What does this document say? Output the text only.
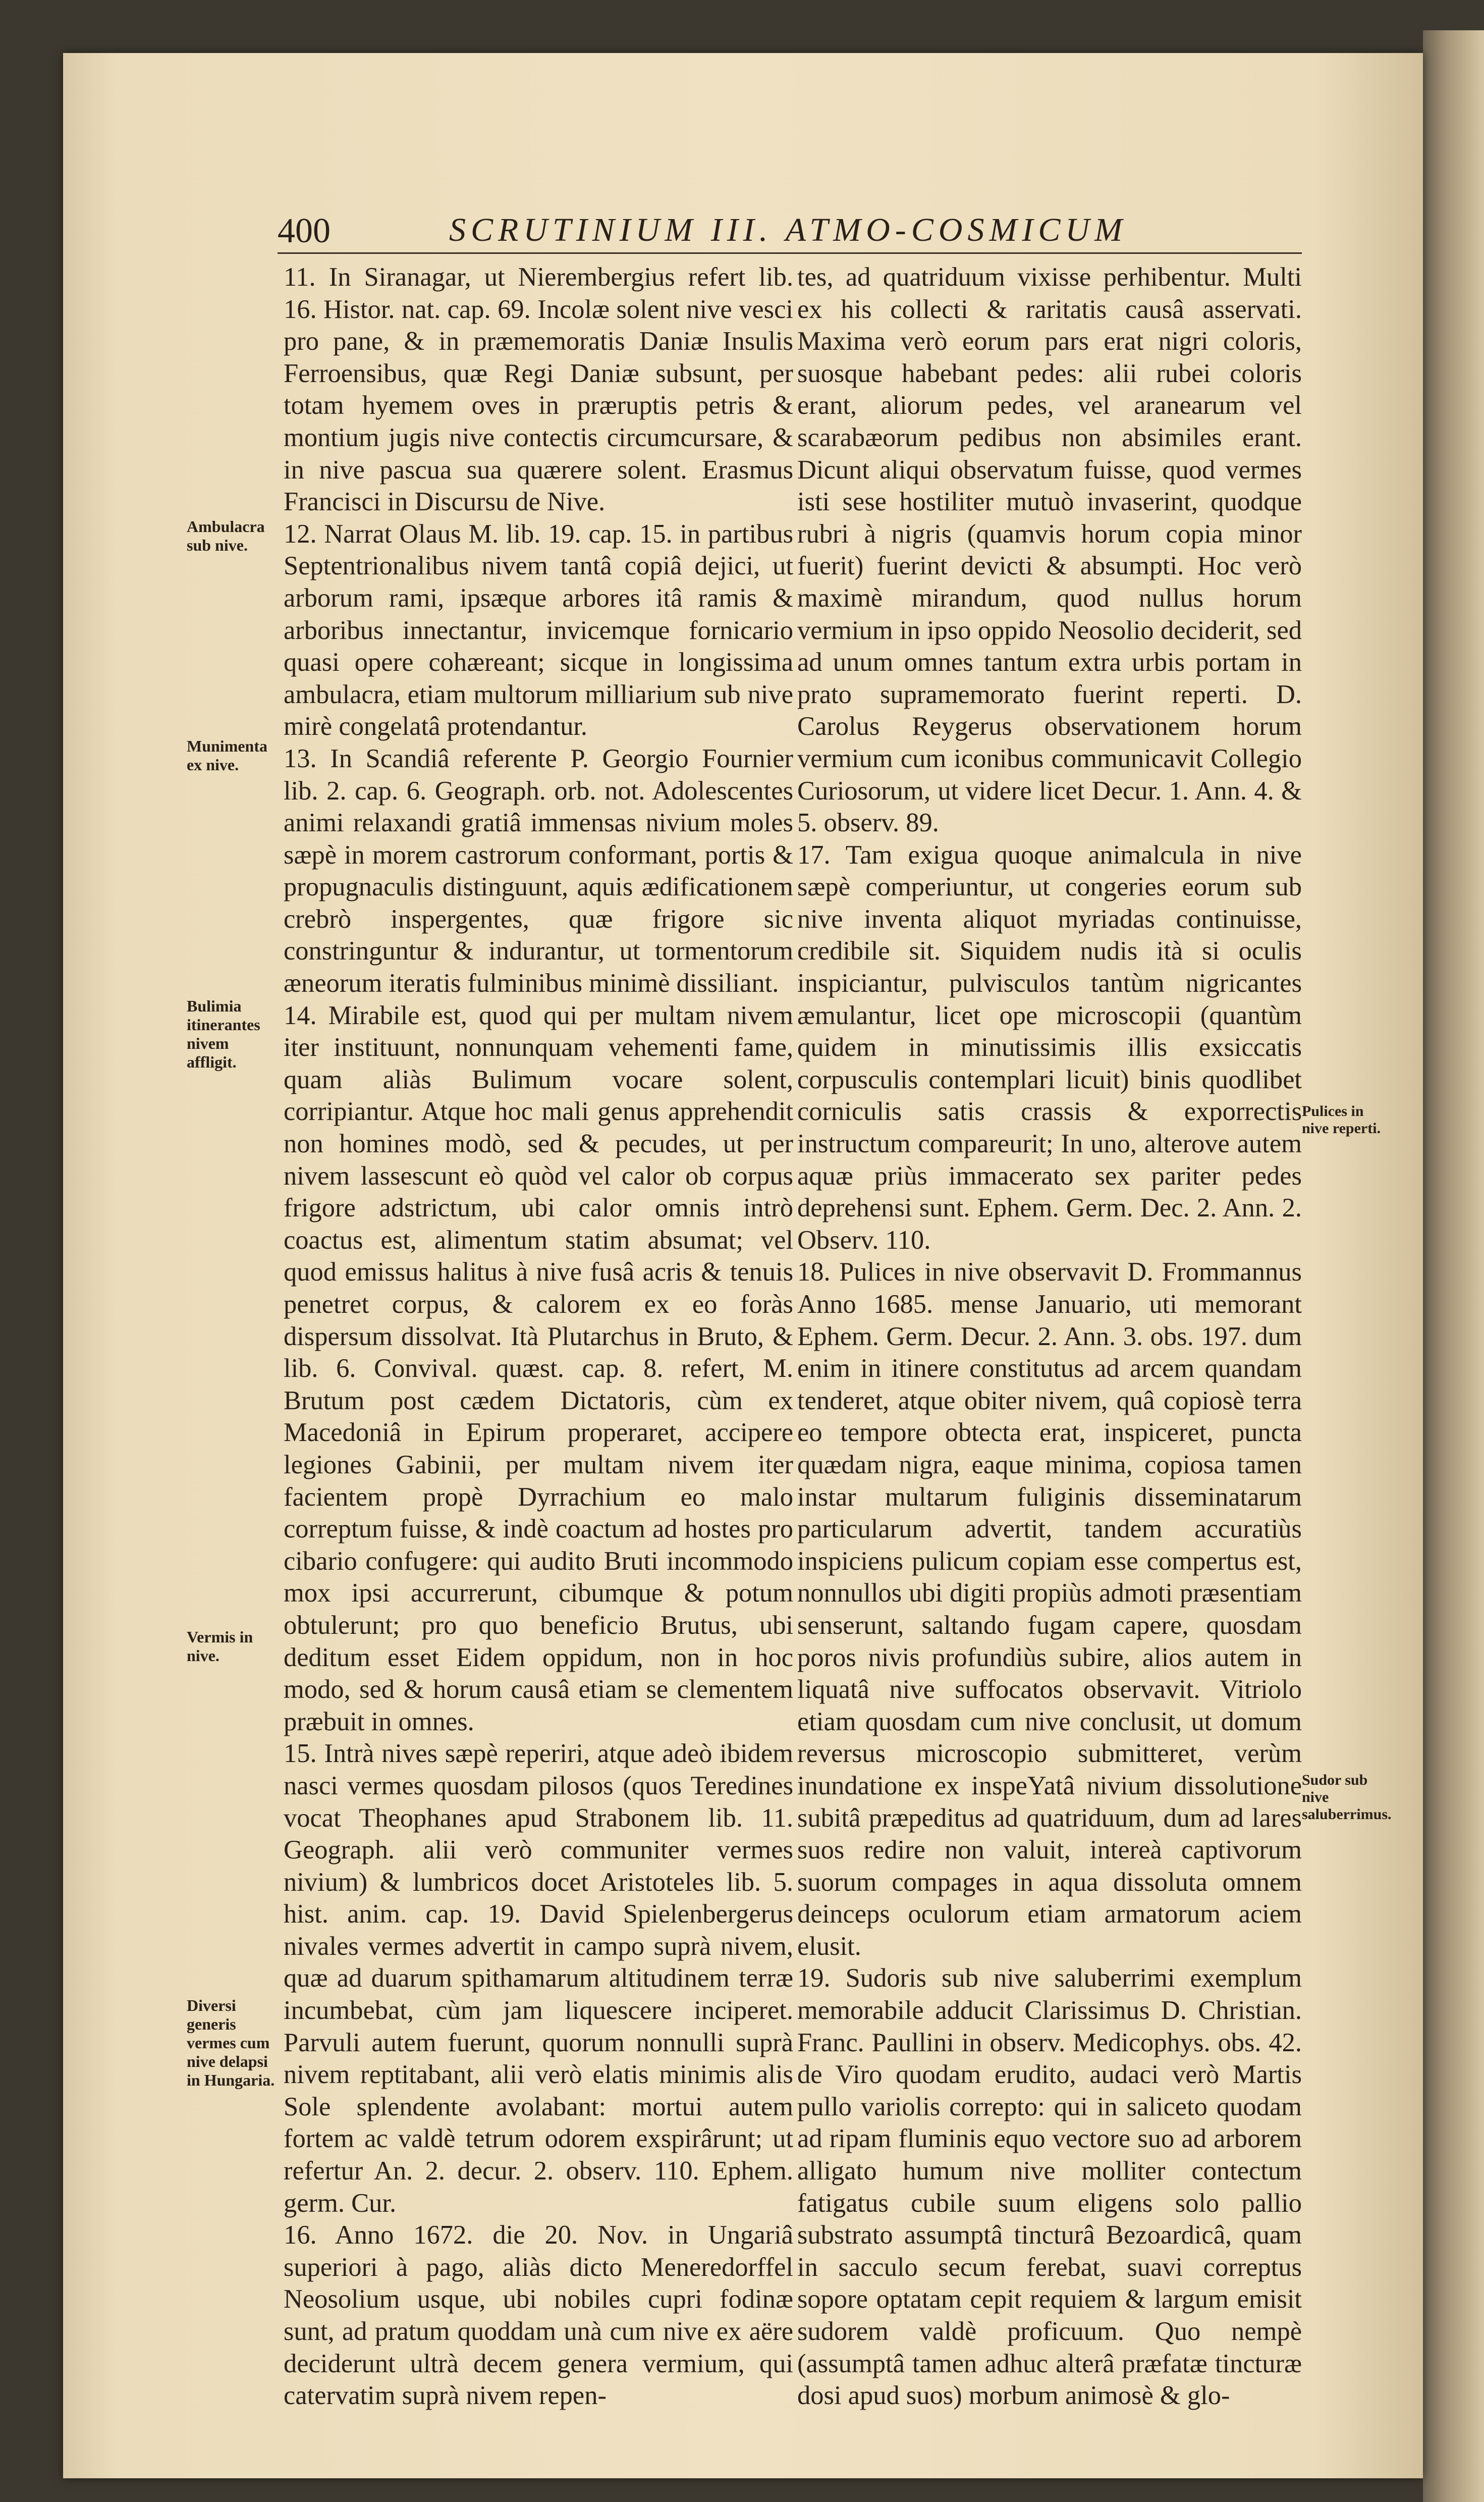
400	SCRUTINIUM III. ATMO-COSMICUM

11. In Siranagar, ut Nierembergius refert lib. 16. Histor. nat. cap. 69. Incolæ solent nive vesci pro pane, & in præmemoratis Daniæ Insulis Ferroensibus, quæ Regi Daniæ subsunt, per totam hyemem oves in præruptis petris & montium jugis nive contectis circumcursare, & in nive pascua sua quærere solent. Erasmus Francisci in Discursu de Nive.

12. Narrat Olaus M. lib. 19. cap. 15. in partibus Septentrionalibus nivem tantâ copiâ dejici, ut arborum rami, ipsæque arbores itâ ramis & arboribus innectantur, invicemque fornicario quasi opere cohæreant; sicque in longissima ambulacra, etiam multorum milliarium sub nive mirè congelatâ protendantur.

13. In Scandiâ referente P. Georgio Fournier lib. 2. cap. 6. Geograph. orb. not. Adolescentes animi relaxandi gratiâ immensas nivium moles sæpè in morem castrorum conformant, portis & propugnaculis distinguunt, aquis ædificationem crebrò inspergentes, quæ frigore sic constringuntur & indurantur, ut tormentorum æneorum iteratis fulminibus minimè dissiliant.

14. Mirabile est, quod qui per multam nivem iter instituunt, nonnunquam vehementi fame, quam aliàs Bulimum vocare solent, corripiantur. Atque hoc mali genus apprehendit non homines modò, sed & pecudes, ut per nivem lassescunt eò quòd vel calor ob corpus frigore adstrictum, ubi calor omnis intrò coactus est, alimentum statim absumat; vel quod emissus halitus à nive fusâ acris & tenuis penetret corpus, & calorem ex eo foràs dispersum dissolvat. Ità Plutarchus in Bruto, & lib. 6. Convival. quæst. cap. 8. refert, M. Brutum post cædem Dictatoris, cùm ex Macedoniâ in Epirum properaret, accipere legiones Gabinii, per multam nivem iter facientem propè Dyrrachium eo malo correptum fuisse, & indè coactum ad hostes pro cibario confugere: qui audito Bruti incommodo mox ipsi accurrerunt, cibumque & potum obtulerunt; pro quo beneficio Brutus, ubi deditum esset Eidem oppidum, non in hoc modo, sed & horum causâ etiam se clementem præbuit in omnes.

15. Intrà nives sæpè reperiri, atque adeò ibidem nasci vermes quosdam pilosos (quos Teredines vocat Theophanes apud Strabonem lib. 11. Geograph. alii verò communiter vermes nivium) & lumbricos docet Aristoteles lib. 5. hist. anim. cap. 19. David Spielenbergerus nivales vermes advertit in campo suprà nivem, quæ ad duarum spithamarum altitudinem terræ incumbebat, cùm jam liquescere inciperet. Parvuli autem fuerunt, quorum nonnulli suprà nivem reptitabant, alii verò elatis minimis alis Sole splendente avolabant: mortui autem fortem ac valdè tetrum odorem exspirârunt; ut refertur An. 2. decur. 2. observ. 110. Ephem. germ. Cur.

16. Anno 1672. die 20. Nov. in Ungariâ superiori à pago, aliàs dicto Meneredorffel Neosolium usque, ubi nobiles cupri fodinæ sunt, ad pratum quoddam unà cum nive ex aëre deciderunt ultrà decem genera vermium, qui catervatim suprà nivem repen-

tes, ad quatriduum vixisse perhibentur. Multi ex his collecti & raritatis causâ asservati. Maxima verò eorum pars erat nigri coloris, suosque habebant pedes: alii rubei coloris erant, aliorum pedes, vel aranearum vel scarabæorum pedibus non absimiles erant. Dicunt aliqui observatum fuisse, quod vermes isti sese hostiliter mutuò invaserint, quodque rubri à nigris (quamvis horum copia minor fuerit) fuerint devicti & absumpti. Hoc verò maximè mirandum, quod nullus horum vermium in ipso oppido Neosolio deciderit, sed ad unum omnes tantum extra urbis portam in prato supramemorato fuerint reperti. D. Carolus Reygerus observationem horum vermium cum iconibus communicavit Collegio Curiosorum, ut videre licet Decur. 1. Ann. 4. & 5. observ. 89.

17. Tam exigua quoque animalcula in nive sæpè comperiuntur, ut congeries eorum sub nive inventa aliquot myriadas continuisse, credibile sit. Siquidem nudis ità si oculis inspiciantur, pulvisculos tantùm nigricantes æmulantur, licet ope microscopii (quantùm quidem in minutissimis illis exsiccatis corpusculis contemplari licuit) binis quodlibet corniculis satis crassis & exporrectis instructum compareurit; In uno, alterove autem aquæ priùs immacerato sex pariter pedes deprehensi sunt. Ephem. Germ. Dec. 2. Ann. 2. Observ. 110.

18. Pulices in nive observavit D. Frommannus Anno 1685. mense Januario, uti memorant Ephem. Germ. Decur. 2. Ann. 3. obs. 197. dum enim in itinere constitutus ad arcem quandam tenderet, atque obiter nivem, quâ copiosè terra eo tempore obtecta erat, inspiceret, puncta quædam nigra, eaque minima, copiosa tamen instar multarum fuliginis disseminatarum particularum advertit, tandem accuratiùs inspiciens pulicum copiam esse compertus est, nonnullos ubi digiti propiùs admoti præsentiam senserunt, saltando fugam capere, quosdam poros nivis profundiùs subire, alios autem in liquatâ nive suffocatos observavit. Vitriolo etiam quosdam cum nive conclusit, ut domum reversus microscopio submitteret, verùm inundatione ex inspeYatâ nivium dissolutione subitâ præpeditus ad quatriduum, dum ad lares suos redire non valuit, intereà captivorum suorum compages in aqua dissoluta omnem deinceps oculorum etiam armatorum aciem elusit.

19. Sudoris sub nive saluberrimi exemplum memorabile adducit Clarissimus D. Christian. Franc. Paullini in observ. Medicophys. obs. 42. de Viro quodam erudito, audaci verò Martis pullo variolis correpto: qui in saliceto quodam ad ripam fluminis equo vectore suo ad arborem alligato humum nive molliter contectum fatigatus cubile suum eligens solo pallio substrato assumptâ tincturâ Bezoardicâ, quam in sacculo secum ferebat, suavi correptus sopore optatam cepit requiem & largum emisit sudorem valdè proficuum. Quo nempè (assumptâ tamen adhuc alterâ præfatæ tincturæ dosi apud suos) morbum animosè & glo-

Ambulacra sub nive.
Munimenta ex nive.
Bulimia itinerantes nivem affligit.
Vermis in nive.
Diversi generis vermes cum nive delapsi in Hungaria.
Pulices in nive reperti.
Sudor sub nive saluberrimus.
